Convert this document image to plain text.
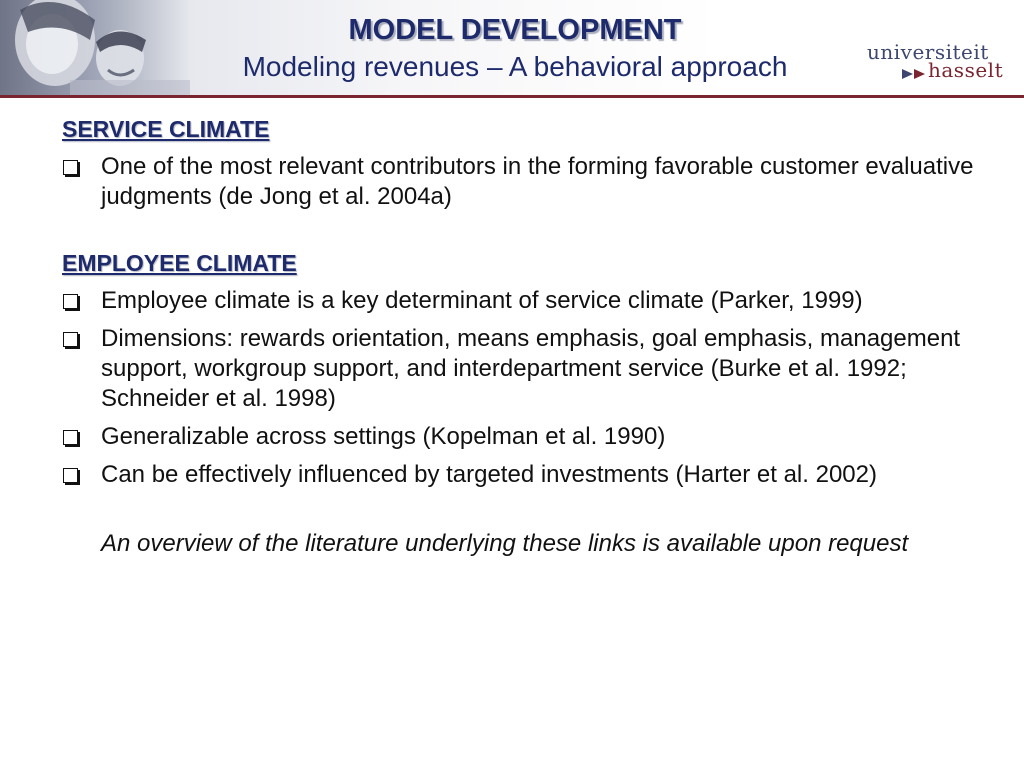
MODEL DEVELOPMENT
Modeling revenues – A behavioral approach	universiteit
hasselt
SERVICE CLIMATE
One of the most relevant contributors in the forming favorable customer evaluative judgments (de Jong et al. 2004a)
EMPLOYEE CLIMATE
Employee climate is a key determinant of service climate (Parker, 1999)
Dimensions: rewards orientation, means emphasis, goal emphasis, management support, workgroup support, and interdepartment service (Burke et al. 1992; Schneider et al. 1998)
Generalizable across settings (Kopelman et al. 1990)
Can be effectively influenced by targeted investments (Harter et al. 2002)
An overview of the literature underlying these links is available upon request
